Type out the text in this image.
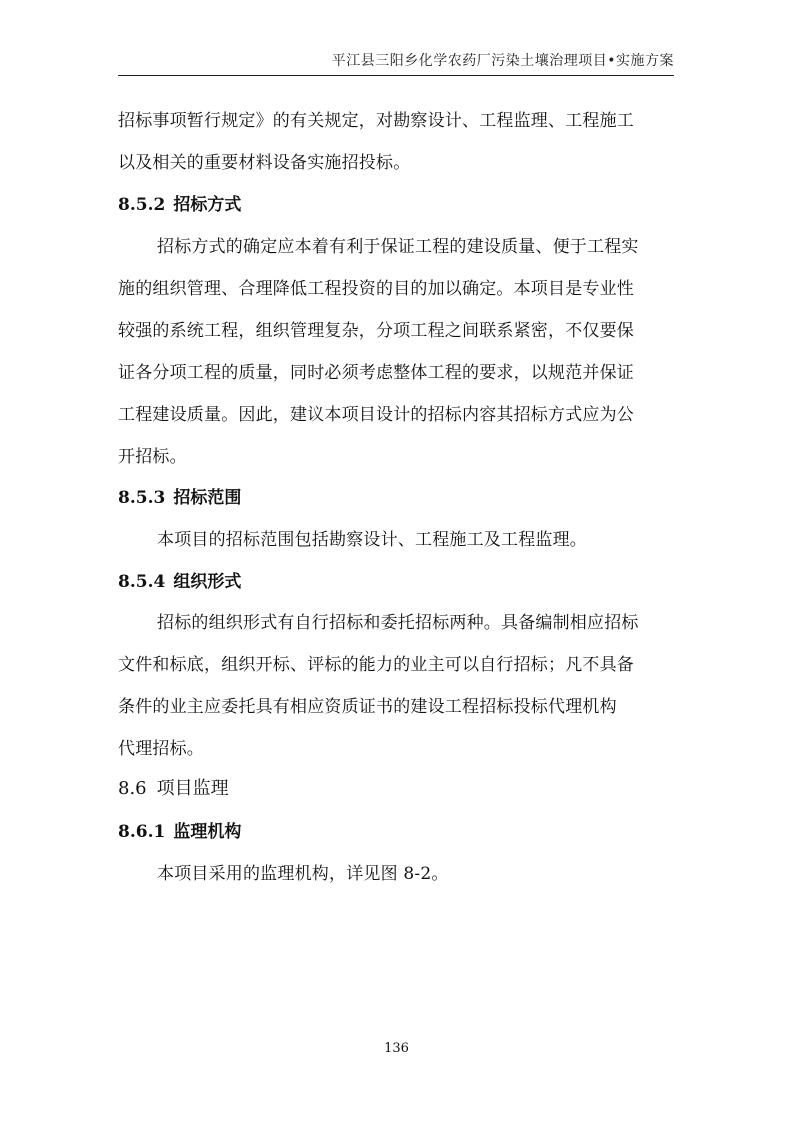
平江县三阳乡化学农药厂污染土壤治理项目•实施方案
招标事项暂行规定》的有关规定，对勘察设计、工程监理、工程施工
以及相关的重要材料设备实施招投标。
8.5.2 招标方式
招标方式的确定应本着有利于保证工程的建设质量、便于工程实
施的组织管理、合理降低工程投资的目的加以确定。本项目是专业性
较强的系统工程，组织管理复杂，分项工程之间联系紧密，不仅要保
证各分项工程的质量，同时必须考虑整体工程的要求，以规范并保证
工程建设质量。因此，建议本项目设计的招标内容其招标方式应为公
开招标。
8.5.3 招标范围
本项目的招标范围包括勘察设计、工程施工及工程监理。
8.5.4 组织形式
招标的组织形式有自行招标和委托招标两种。具备编制相应招标
文件和标底，组织开标、评标的能力的业主可以自行招标；凡不具备
条件的业主应委托具有相应资质证书的建设工程招标投标代理机构
代理招标。
8.6 项目监理
8.6.1 监理机构
本项目采用的监理机构，详见图 8-2。
136
